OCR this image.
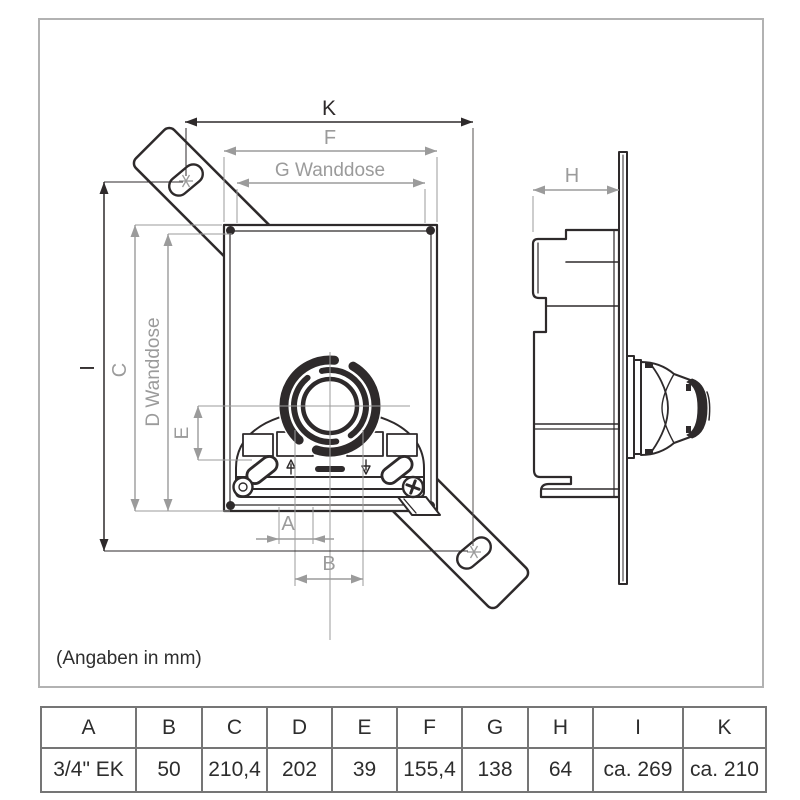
K
F
G Wanddose
I C D Wanddose
E
A
B
H
(Angaben in mm)
A	B	C	D	E	F	G	H	I	K
3/4" EK	50	210,4	202	39	155,4	138	64	ca. 269	ca. 210
